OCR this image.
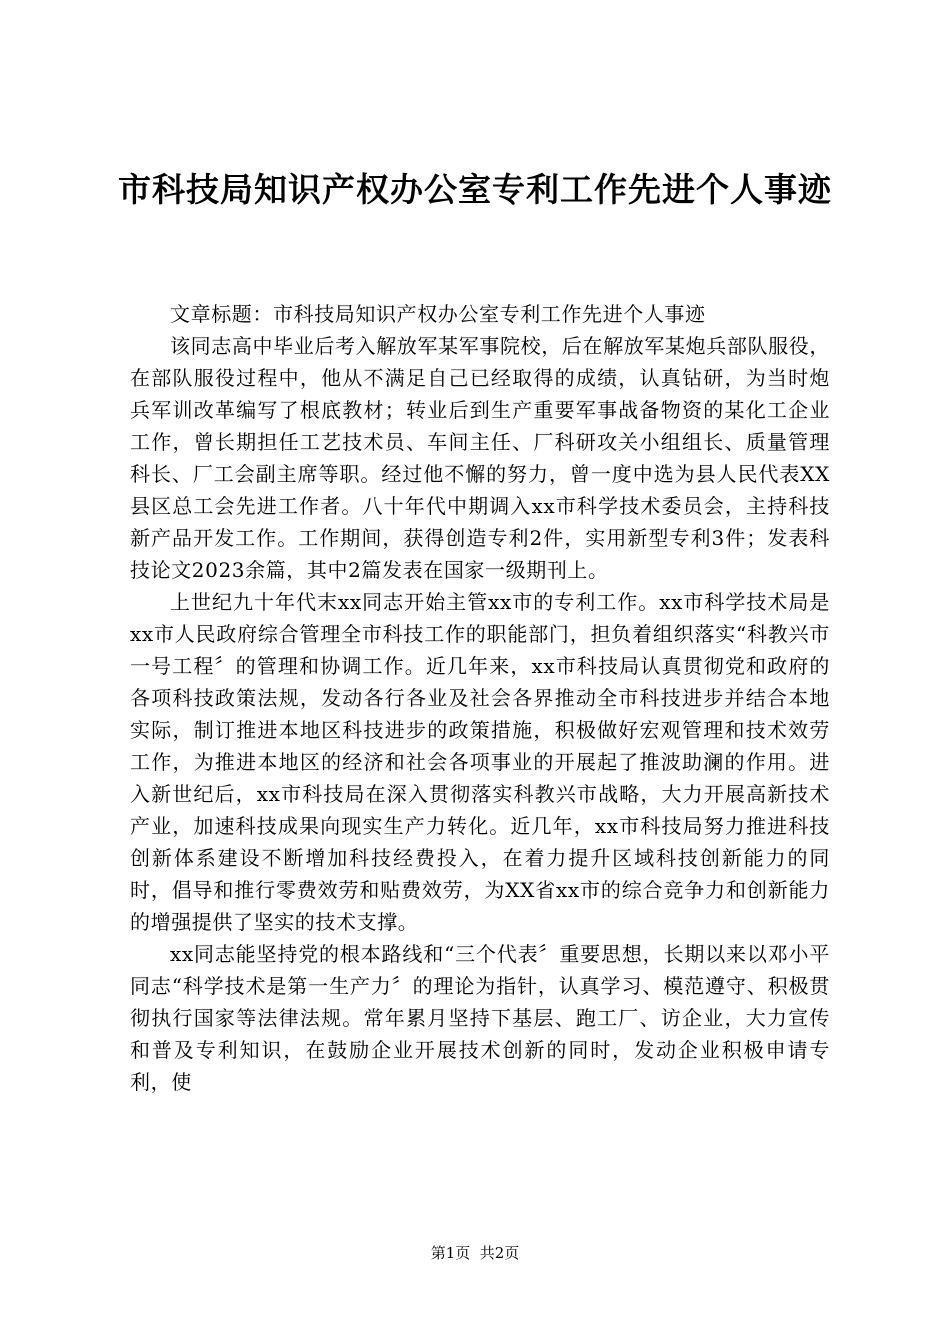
市科技局知识产权办公室专利工作先进个人事迹

文章标题：市科技局知识产权办公室专利工作先进个人事迹

该同志高中毕业后考入解放军某军事院校，后在解放军某炮兵部队服役，在部队服役过程中，他从不满足自己已经取得的成绩，认真钻研，为当时炮兵军训改革编写了根底教材；转业后到生产重要军事战备物资的某化工企业工作，曾长期担任工艺技术员、车间主任、厂科研攻关小组组长、质量管理科长、厂工会副主席等职。经过他不懈的努力，曾一度中选为县人民代表XX县区总工会先进工作者。八十年代中期调入xx市科学技术委员会，主持科技新产品开发工作。工作期间，获得创造专利2件，实用新型专利3件；发表科技论文2023余篇，其中2篇发表在国家一级期刊上。

上世纪九十年代末xx同志开始主管xx市的专利工作。xx市科学技术局是xx市人民政府综合管理全市科技工作的职能部门，担负着组织落实“科教兴市一号工程〞的管理和协调工作。近几年来，xx市科技局认真贯彻党和政府的各项科技政策法规，发动各行各业及社会各界推动全市科技进步并结合本地实际，制订推进本地区科技进步的政策措施，积极做好宏观管理和技术效劳工作，为推进本地区的经济和社会各项事业的开展起了推波助澜的作用。进入新世纪后，xx市科技局在深入贯彻落实科教兴市战略，大力开展高新技术产业，加速科技成果向现实生产力转化。近几年，xx市科技局努力推进科技创新体系建设不断增加科技经费投入，在着力提升区域科技创新能力的同时，倡导和推行零费效劳和贴费效劳，为XX省xx市的综合竞争力和创新能力的增强提供了坚实的技术支撑。

xx同志能坚持党的根本路线和“三个代表〞重要思想，长期以来以邓小平同志“科学技术是第一生产力〞的理论为指针，认真学习、模范遵守、积极贯彻执行国家等法律法规。常年累月坚持下基层、跑工厂、访企业，大力宣传和普及专利知识，在鼓励企业开展技术创新的同时，发动企业积极申请专利，使

第1页  共2页
